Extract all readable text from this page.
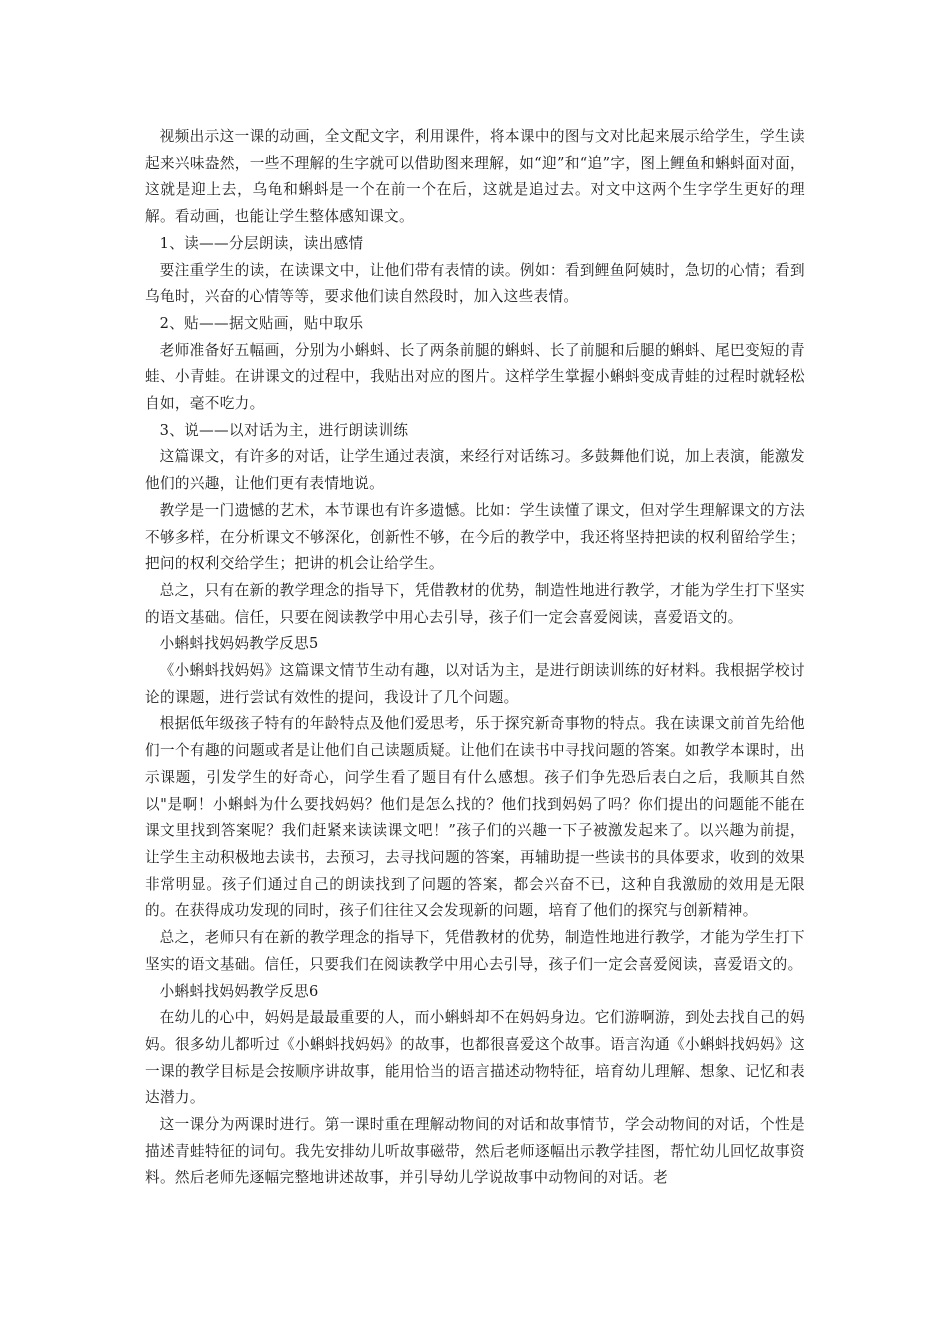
视频出示这一课的动画，全文配文字，利用课件，将本课中的图与文对比起来展示给学生，学生读起来兴味盎然，一些不理解的生字就可以借助图来理解，如“迎”和“追”字，图上鲤鱼和蝌蚪面对面，这就是迎上去，乌龟和蝌蚪是一个在前一个在后，这就是追过去。对文中这两个生字学生更好的理解。看动画，也能让学生整体感知课文。

1、读——分层朗读，读出感情

要注重学生的读，在读课文中，让他们带有表情的读。例如：看到鲤鱼阿姨时，急切的心情；看到乌龟时，兴奋的心情等等，要求他们读自然段时，加入这些表情。

2、贴——据文贴画，贴中取乐

老师准备好五幅画，分别为小蝌蚪、长了两条前腿的蝌蚪、长了前腿和后腿的蝌蚪、尾巴变短的青蛙、小青蛙。在讲课文的过程中，我贴出对应的图片。这样学生掌握小蝌蚪变成青蛙的过程时就轻松自如，毫不吃力。

3、说——以对话为主，进行朗读训练

这篇课文，有许多的对话，让学生通过表演，来经行对话练习。多鼓舞他们说，加上表演，能激发他们的兴趣，让他们更有表情地说。

教学是一门遗憾的艺术，本节课也有许多遗憾。比如：学生读懂了课文，但对学生理解课文的方法不够多样，在分析课文不够深化，创新性不够，在今后的教学中，我还将坚持把读的权利留给学生；把问的权利交给学生；把讲的机会让给学生。

总之，只有在新的教学理念的指导下，凭借教材的优势，制造性地进行教学，才能为学生打下坚实的语文基础。信任，只要在阅读教学中用心去引导，孩子们一定会喜爱阅读，喜爱语文的。

小蝌蚪找妈妈教学反思5

《小蝌蚪找妈妈》这篇课文情节生动有趣，以对话为主，是进行朗读训练的好材料。我根据学校讨论的课题，进行尝试有效性的提问，我设计了几个问题。

根据低年级孩子特有的年龄特点及他们爱思考，乐于探究新奇事物的特点。我在读课文前首先给他们一个有趣的问题或者是让他们自己读题质疑。让他们在读书中寻找问题的答案。如教学本课时，出示课题，引发学生的好奇心，问学生看了题目有什么感想。孩子们争先恐后表白之后，我顺其自然以"是啊！小蝌蚪为什么要找妈妈？他们是怎么找的？他们找到妈妈了吗？你们提出的问题能不能在课文里找到答案呢？我们赶紧来读读课文吧！”孩子们的兴趣一下子被激发起来了。以兴趣为前提，让学生主动积极地去读书，去预习，去寻找问题的答案，再辅助提一些读书的具体要求，收到的效果非常明显。孩子们通过自己的朗读找到了问题的答案，都会兴奋不已，这种自我激励的效用是无限的。在获得成功发现的同时，孩子们往往又会发现新的问题，培育了他们的探究与创新精神。

总之，老师只有在新的教学理念的指导下，凭借教材的优势，制造性地进行教学，才能为学生打下坚实的语文基础。信任，只要我们在阅读教学中用心去引导，孩子们一定会喜爱阅读，喜爱语文的。

小蝌蚪找妈妈教学反思6

在幼儿的心中，妈妈是最最重要的人，而小蝌蚪却不在妈妈身边。它们游啊游，到处去找自己的妈妈。很多幼儿都听过《小蝌蚪找妈妈》的故事，也都很喜爱这个故事。语言沟通《小蝌蚪找妈妈》这一课的教学目标是会按顺序讲故事，能用恰当的语言描述动物特征，培育幼儿理解、想象、记忆和表达潜力。

这一课分为两课时进行。第一课时重在理解动物间的对话和故事情节，学会动物间的对话，个性是描述青蛙特征的词句。我先安排幼儿听故事磁带，然后老师逐幅出示教学挂图，帮忙幼儿回忆故事资料。然后老师先逐幅完整地讲述故事，并引导幼儿学说故事中动物间的对话。老
